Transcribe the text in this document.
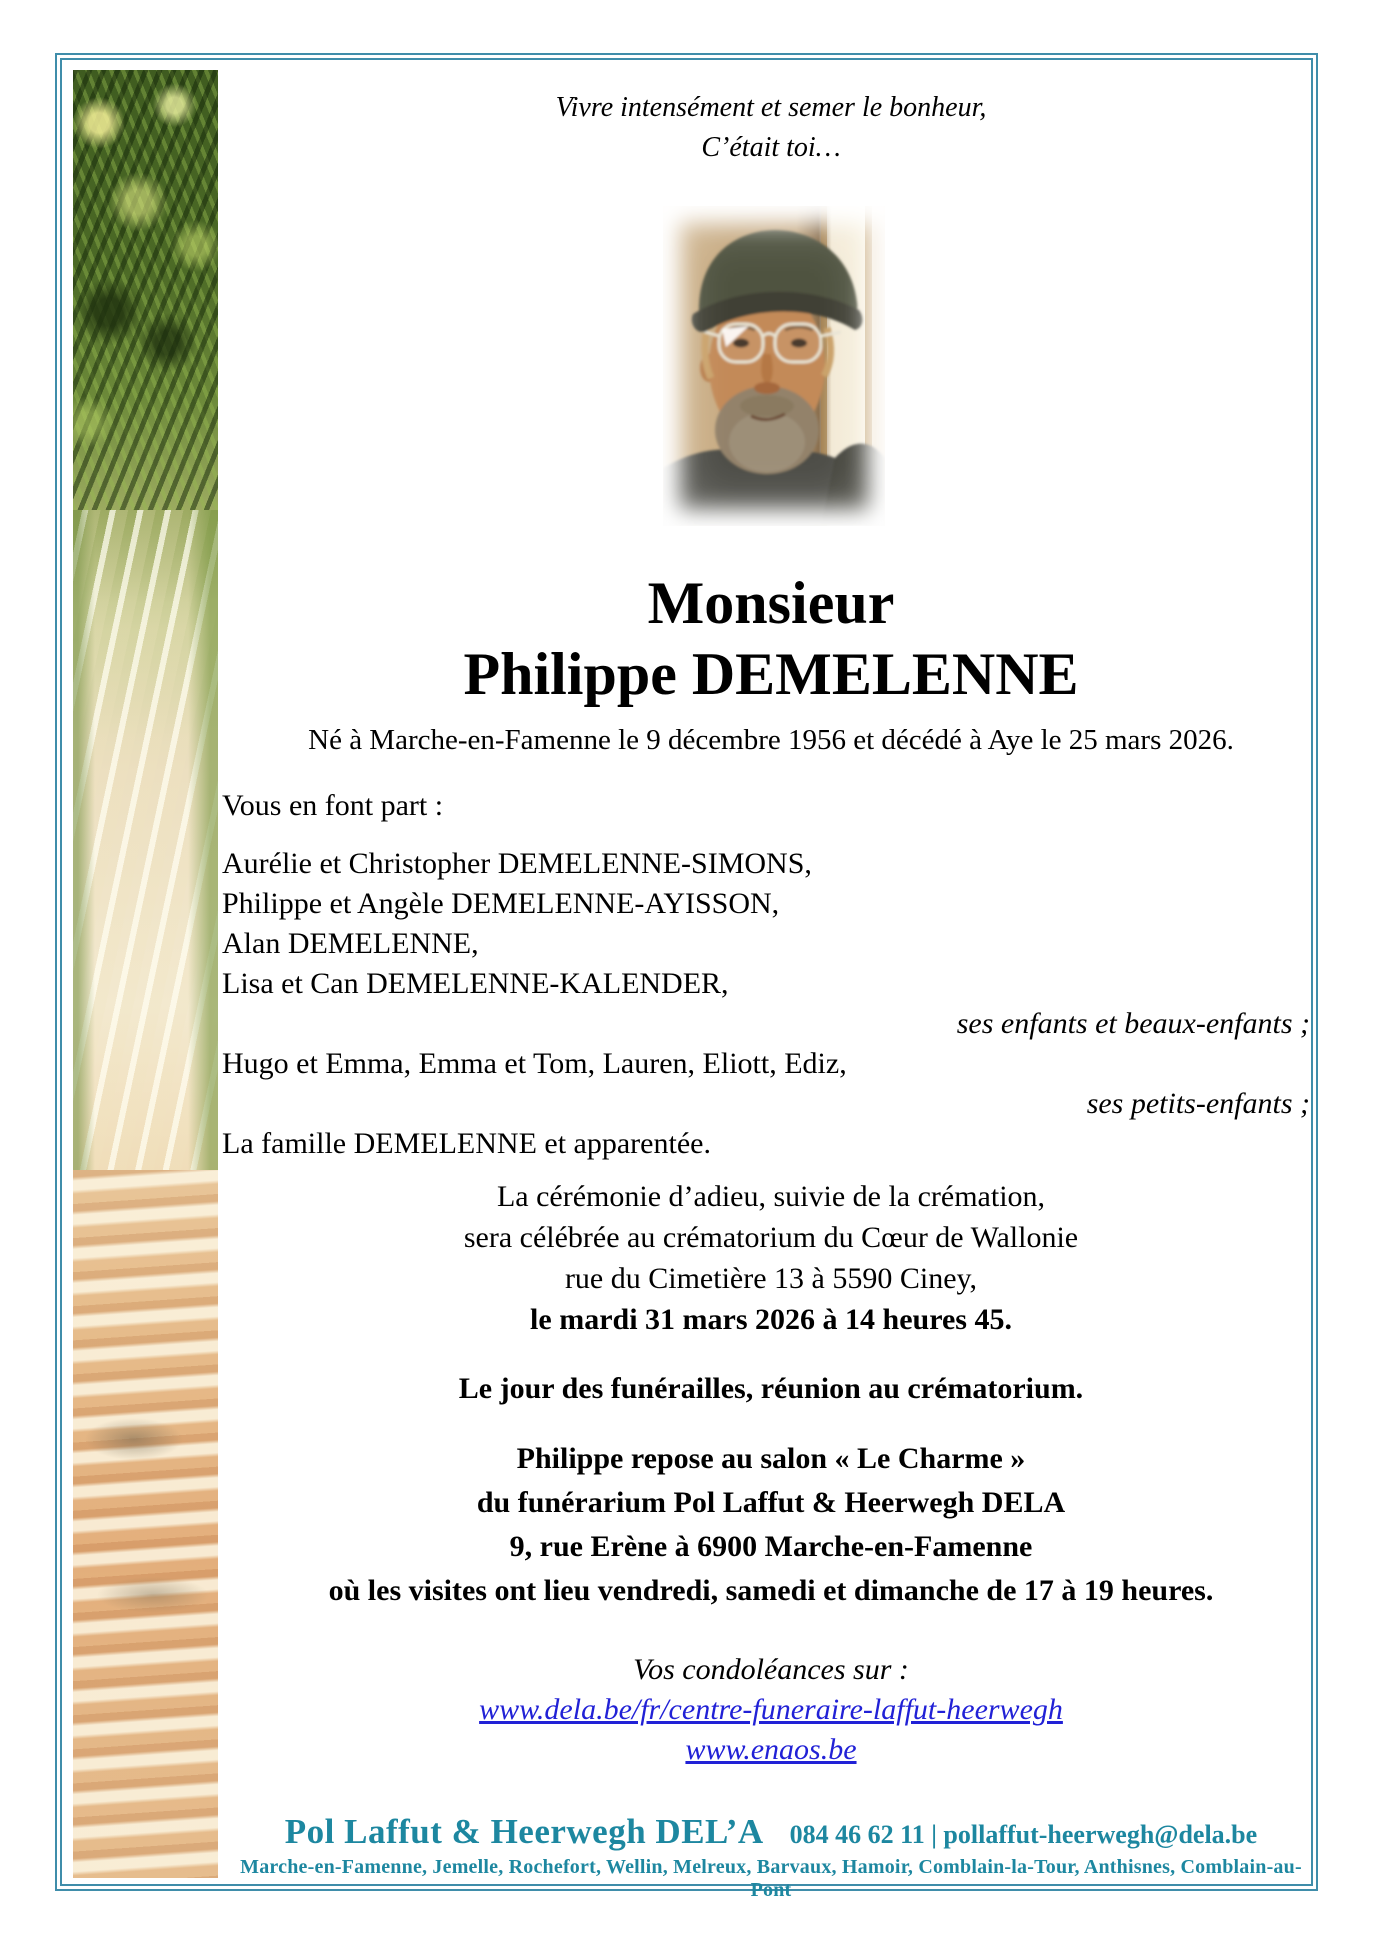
Vivre intensément et semer le bonheur,
C’était toi…
Monsieur
Philippe DEMELENNE
Né à Marche-en-Famenne le 9 décembre 1956 et décédé à Aye le 25 mars 2026.
Vous en font part :
Aurélie et Christopher DEMELENNE-SIMONS,
Philippe et Angèle DEMELENNE-AYISSON,
Alan DEMELENNE,
Lisa et Can DEMELENNE-KALENDER,
ses enfants et beaux-enfants ;
Hugo et Emma, Emma et Tom, Lauren, Eliott, Ediz,
ses petits-enfants ;
La famille DEMELENNE et apparentée.
La cérémonie d’adieu, suivie de la crémation,
sera célébrée au crématorium du Cœur de Wallonie
rue du Cimetière 13 à 5590 Ciney,
le mardi 31 mars 2026 à 14 heures 45.
Le jour des funérailles, réunion au crématorium.
Philippe repose au salon « Le Charme »
du funérarium Pol Laffut & Heerwegh DELA
9, rue Erène à 6900 Marche-en-Famenne
où les visites ont lieu vendredi, samedi et dimanche de 17 à 19 heures.
Vos condoléances sur :
www.dela.be/fr/centre-funeraire-laffut-heerwegh
www.enaos.be
Pol Laffut & Heerwegh DEL’A 084 46 62 11 | pollaffut-heerwegh@dela.be
Marche-en-Famenne, Jemelle, Rochefort, Wellin, Melreux, Barvaux, Hamoir, Comblain-la-Tour, Anthisnes, Comblain-au-Pont
